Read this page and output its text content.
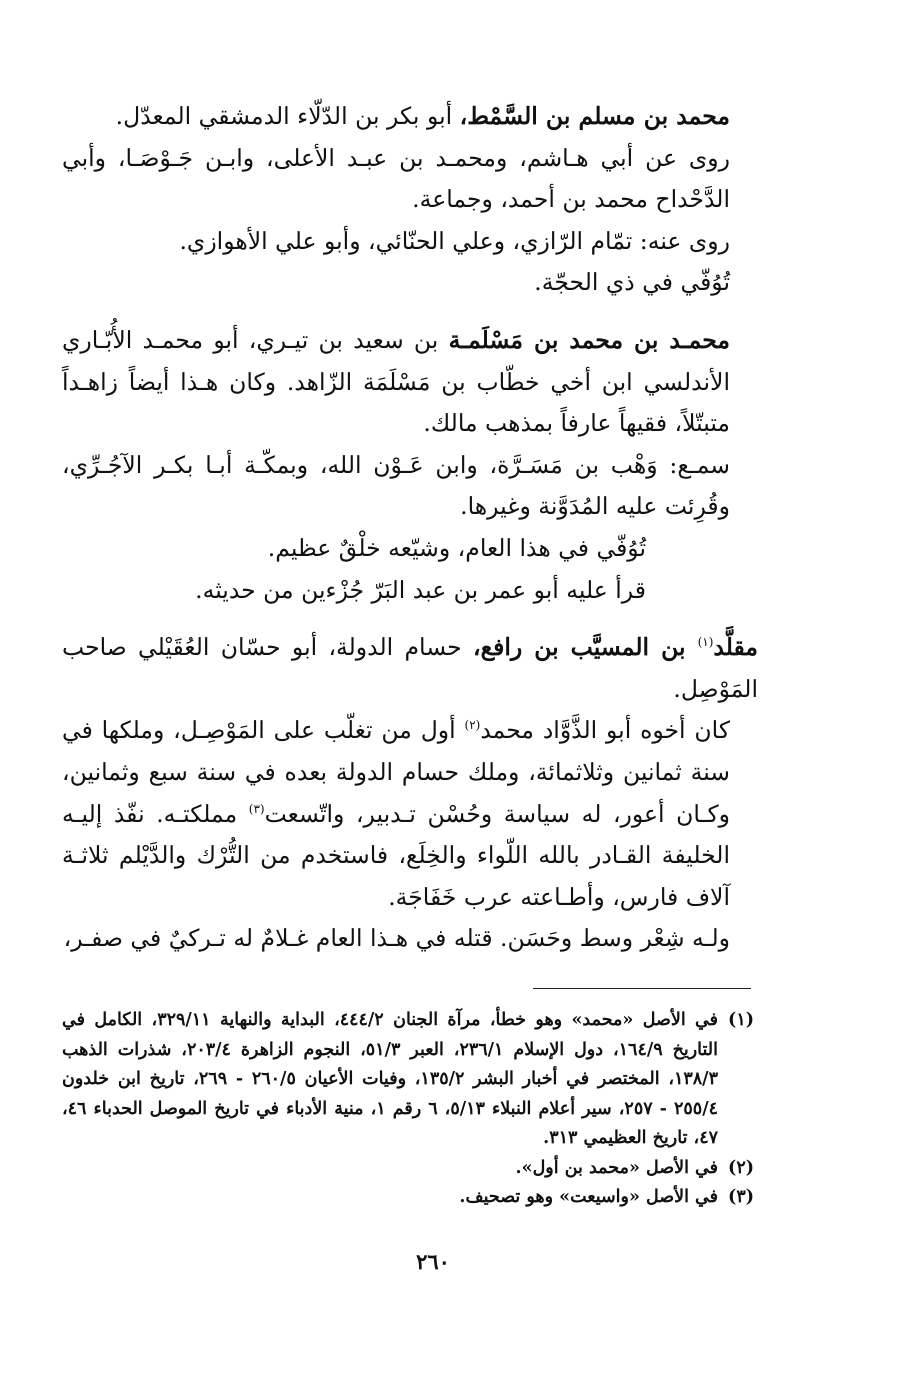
محمد بن مسلم بن السَّمْط، أبو بكر بن الدّلّاء الدمشقي المعدّل.

روى عن أبي هـاشم، ومحمـد بن عبـد الأعلى، وابـن جَـوْصَـا، وأبي الدَّحْداح محمد بن أحمد، وجماعة.

روى عنه: تمّام الرّازي، وعلي الحنّائي، وأبو علي الأهوازي.

تُوُفّي في ذي الحجّة.

محمـد بن محمد بن مَسْلَمـة بن سعيد بن تيـري، أبو محمـد الأُبّـاري الأندلسي ابن أخي خطّاب بن مَسْلَمَة الزّاهد. وكان هـذا أيضاً زاهـداً متبتّلاً، فقيهاً عارفاً بمذهب مالك.

سمـع: وَهْب بن مَسَـرَّة، وابن عَـوْن الله، وبمكّـة أبـا بكـر الآجُـرِّي، وقُرِئت عليه المُدَوَّنة وغيرها.

تُوُفّي في هذا العام، وشيّعه خلْقٌ عظيم.

قرأ عليه أبو عمر بن عبد البَرّ جُزْءين من حديثه.

مقلَّد$^{(١)}$ بن المسيَّب بن رافع، حسام الدولة، أبو حسّان العُقَيْلي صاحب المَوْصِل.

كان أخوه أبو الذَّوَّاد محمد$^{(٢)}$ أول من تغلّب على المَوْصِـل، وملكها في سنة ثمانين وثلاثمائة، وملك حسام الدولة بعده في سنة سبع وثمانين، وكـان أعور، له سياسة وحُسْن تـدبير، واتّسعت$^{(٣)}$ مملكتـه. نفّذ إليـه الخليفة القـادر بالله اللّواء والخِلَع، فاستخدم من التُّرْك والدَّيْلم ثلاثـة آلاف فارس، وأطـاعته عرب خَفَاجَة.

ولـه شِعْر وسط وحَسَن. قتله في هـذا العام غـلامٌ له تـركيٌ في صفـر،

(١)
في الأصل «محمد» وهو خطأ، مرآة الجنان ٤٤٤/٢، البداية والنهاية ٣٢٩/١١، الكامل في التاريخ ١٦٤/٩، دول الإسلام ٢٣٦/١، العبر ٥١/٣، النجوم الزاهرة ٢٠٣/٤، شذرات الذهب ١٣٨/٣، المختصر في أخبار البشر ١٣٥/٢، وفيات الأعيان ٢٦٠/٥ - ٢٦٩، تاريخ ابن خلدون ٢٥٥/٤ - ٢٥٧، سير أعلام النبلاء ٥/١٣، ٦ رقم ١، منية الأدباء في تاريخ الموصل الحدباء ٤٦، ٤٧، تاريخ العظيمي ٣١٣.
(٢)
في الأصل «محمد بن أول».
(٣)
في الأصل «واسيعت» وهو تصحيف.
٢٦٠
